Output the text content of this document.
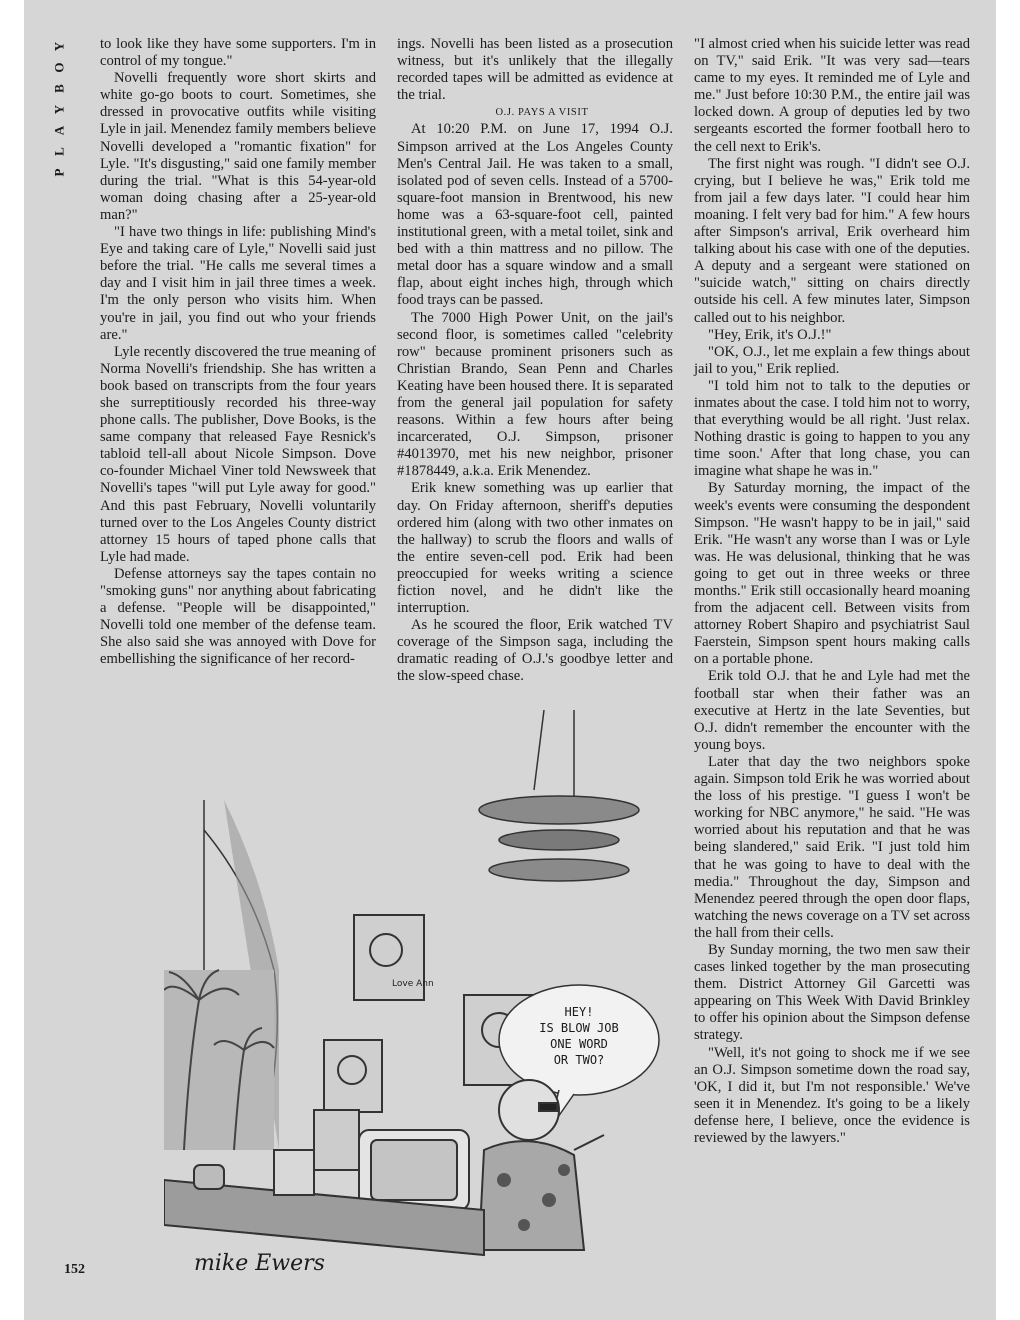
Y
O
B
Y
A
L
P

to look like they have some supporters. I'm in control of my tongue."

Novelli frequently wore short skirts and white go-go boots to court. Sometimes, she dressed in provocative outfits while visiting Lyle in jail. Menendez family members believe Novelli developed a "romantic fixation" for Lyle. "It's disgusting," said one family member during the trial. "What is this 54-year-old woman doing chasing after a 25-year-old man?"

"I have two things in life: publishing Mind's Eye and taking care of Lyle," Novelli said just before the trial. "He calls me several times a day and I visit him in jail three times a week. I'm the only person who visits him. When you're in jail, you find out who your friends are."

Lyle recently discovered the true meaning of Norma Novelli's friendship. She has written a book based on transcripts from the four years she surreptitiously recorded his three-way phone calls. The publisher, Dove Books, is the same company that released Faye Resnick's tabloid tell-all about Nicole Simpson. Dove co-founder Michael Viner told Newsweek that Novelli's tapes "will put Lyle away for good." And this past February, Novelli voluntarily turned over to the Los Angeles County district attorney 15 hours of taped phone calls that Lyle had made.

Defense attorneys say the tapes contain no "smoking guns" nor anything about fabricating a defense. "People will be disappointed," Novelli told one member of the defense team. She also said she was annoyed with Dove for embellishing the significance of her record-

ings. Novelli has been listed as a prosecution witness, but it's unlikely that the illegally recorded tapes will be admitted as evidence at the trial.

O.J. PAYS A VISIT

At 10:20 P.M. on June 17, 1994 O.J. Simpson arrived at the Los Angeles County Men's Central Jail. He was taken to a small, isolated pod of seven cells. Instead of a 5700-square-foot mansion in Brentwood, his new home was a 63-square-foot cell, painted institutional green, with a metal toilet, sink and bed with a thin mattress and no pillow. The metal door has a square window and a small flap, about eight inches high, through which food trays can be passed.

The 7000 High Power Unit, on the jail's second floor, is sometimes called "celebrity row" because prominent prisoners such as Christian Brando, Sean Penn and Charles Keating have been housed there. It is separated from the general jail population for safety reasons. Within a few hours after being incarcerated, O.J. Simpson, prisoner #4013970, met his new neighbor, prisoner #1878449, a.k.a. Erik Menendez.

Erik knew something was up earlier that day. On Friday afternoon, sheriff's deputies ordered him (along with two other inmates on the hallway) to scrub the floors and walls of the entire seven-cell pod. Erik had been preoccupied for weeks writing a science fiction novel, and he didn't like the interruption.

As he scoured the floor, Erik watched TV coverage of the Simpson saga, including the dramatic reading of O.J.'s goodbye letter and the slow-speed chase.

"I almost cried when his suicide letter was read on TV," said Erik. "It was very sad—tears came to my eyes. It reminded me of Lyle and me." Just before 10:30 P.M., the entire jail was locked down. A group of deputies led by two sergeants escorted the former football hero to the cell next to Erik's.

The first night was rough. "I didn't see O.J. crying, but I believe he was," Erik told me from jail a few days later. "I could hear him moaning. I felt very bad for him." A few hours after Simpson's arrival, Erik overheard him talking about his case with one of the deputies. A deputy and a sergeant were stationed on "suicide watch," sitting on chairs directly outside his cell. A few minutes later, Simpson called out to his neighbor.

"Hey, Erik, it's O.J.!"

"OK, O.J., let me explain a few things about jail to you," Erik replied.

"I told him not to talk to the deputies or inmates about the case. I told him not to worry, that everything would be all right. 'Just relax. Nothing drastic is going to happen to you any time soon.' After that long chase, you can imagine what shape he was in."

By Saturday morning, the impact of the week's events were consuming the despondent Simpson. "He wasn't happy to be in jail," said Erik. "He wasn't any worse than I was or Lyle was. He was delusional, thinking that he was going to get out in three weeks or three months." Erik still occasionally heard moaning from the adjacent cell. Between visits from attorney Robert Shapiro and psychiatrist Saul Faerstein, Simpson spent hours making calls on a portable phone.

Erik told O.J. that he and Lyle had met the football star when their father was an executive at Hertz in the late Seventies, but O.J. didn't remember the encounter with the young boys.

Later that day the two neighbors spoke again. Simpson told Erik he was worried about the loss of his prestige. "I guess I won't be working for NBC anymore," he said. "He was worried about his reputation and that he was being slandered," said Erik. "I just told him that he was going to have to deal with the media." Throughout the day, Simpson and Menendez peered through the open door flaps, watching the news coverage on a TV set across the hall from their cells.

By Sunday morning, the two men saw their cases linked together by the man prosecuting them. District Attorney Gil Garcetti was appearing on This Week With David Brinkley to offer his opinion about the Simpson defense strategy.

"Well, it's not going to shock me if we see an O.J. Simpson sometime down the road say, 'OK, I did it, but I'm not responsible.' We've seen it in Menendez. It's going to be a likely defense here, I believe, once the evidence is reviewed by the lawyers."

Love Ann
HEY!
IS BLOW JOB
ONE WORD
OR TWO?
mike Ewers
152
